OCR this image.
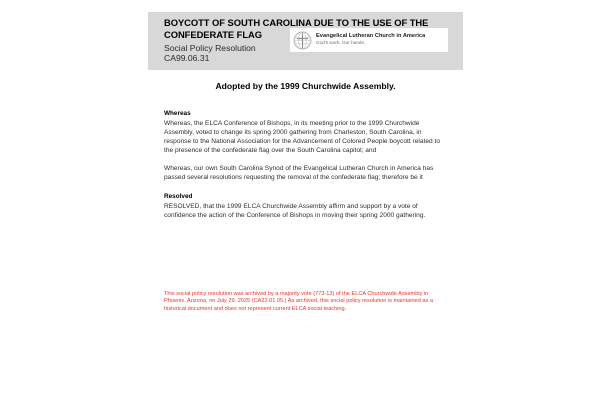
BOYCOTT OF SOUTH CAROLINA DUE TO THE USE OF THE CONFEDERATE FLAG
Social Policy Resolution
CA99.06.31
Evangelical Lutheran Church in America
God's work. Our hands.
Adopted by the 1999 Churchwide Assembly.
Whereas
Whereas, the ELCA Conference of Bishops, in its meeting prior to the 1999 Churchwide Assembly, voted to change its spring 2000 gathering from Charleston, South Carolina, in response to the National Association for the Advancement of Colored People boycott related to the presence of the confederate flag over the South Carolina capitol; and
Whereas, our own South Carolina Synod of the Evangelical Lutheran Church in America has passed several resolutions requesting the removal of the confederate flag; therefore be it
Resolved
RESOLVED, that the 1999 ELCA Churchwide Assembly affirm and support by a vote of confidence the action of the Conference of Bishops in moving their spring 2000 gathering.
This social policy resolution was archived by a majority vote (773-13) of the ELCA Churchwide Assembly in Phoenix, Arizona, on July 29, 2025 (CA22.01.05.) As archived, this social policy resolution is maintained as a historical document and does not represent current ELCA social teaching.
